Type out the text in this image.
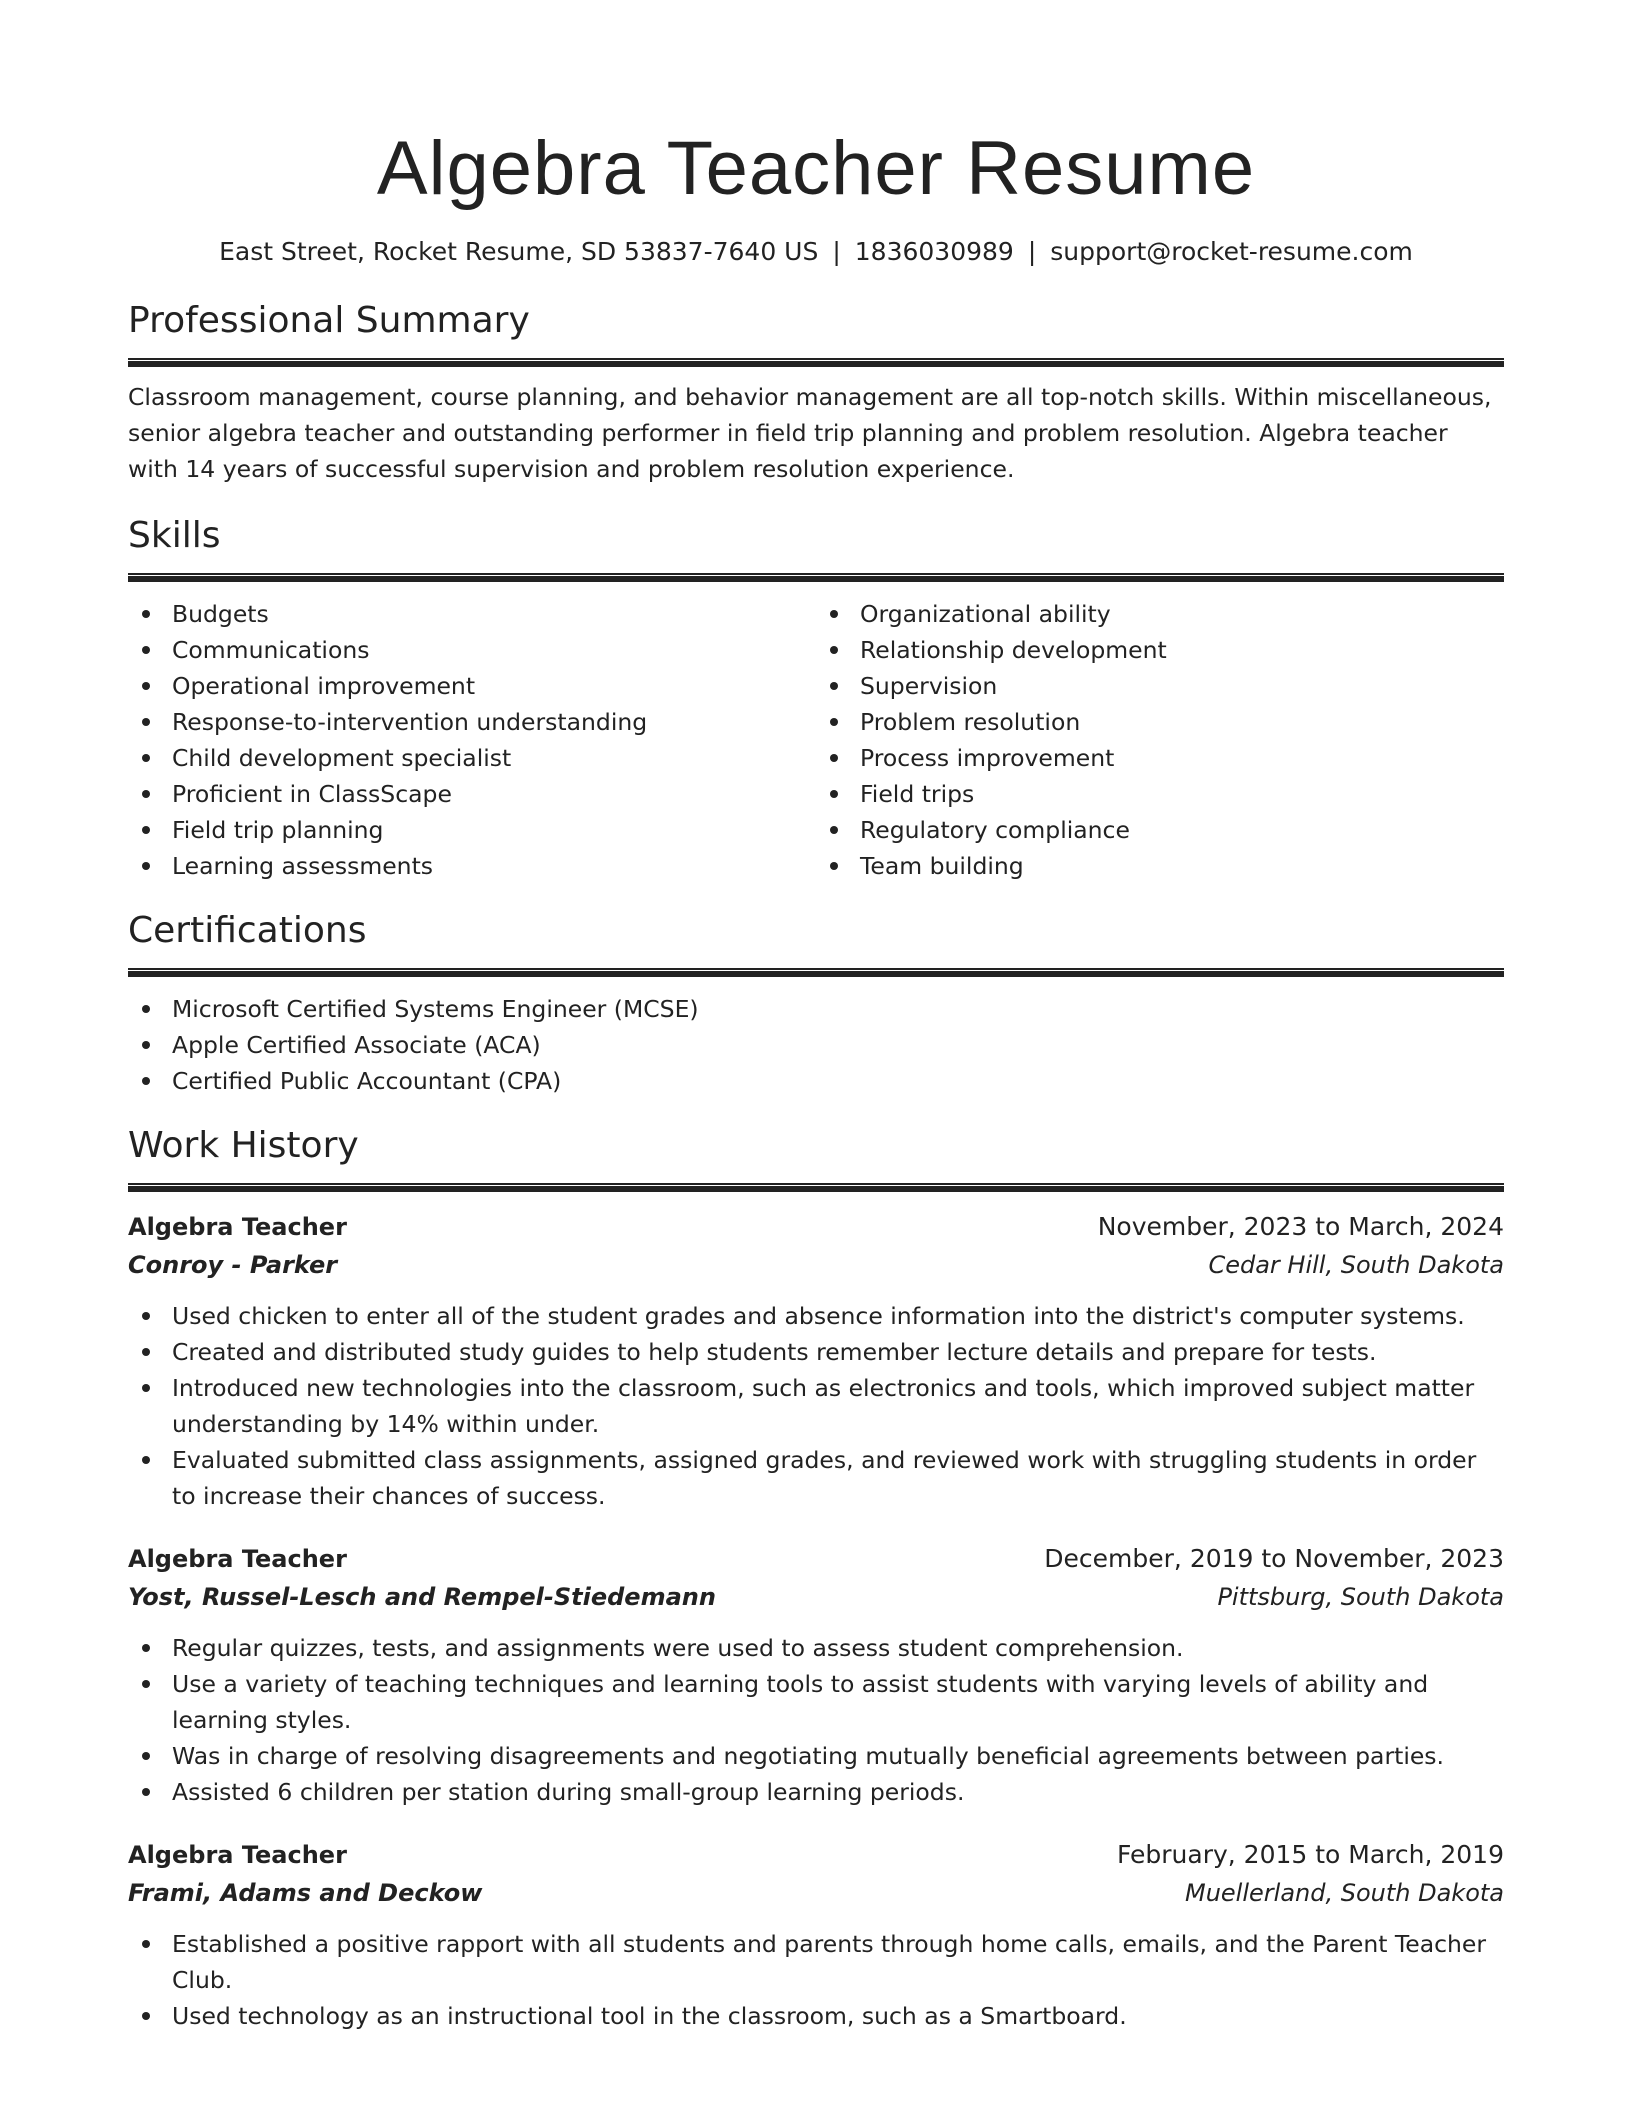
Algebra Teacher Resume
East Street, Rocket Resume, SD 53837-7640 US | 1836030989 | support@rocket-resume.com
Professional Summary

Classroom management, course planning, and behavior management are all top-notch skills. Within miscellaneous, senior algebra teacher and outstanding performer in field trip planning and problem resolution. Algebra teacher with 14 years of successful supervision and problem resolution experience.

Skills
Budgets
Communications
Operational improvement
Response-to-intervention understanding
Child development specialist
Proficient in ClassScape
Field trip planning
Learning assessments
Organizational ability
Relationship development
Supervision
Problem resolution
Process improvement
Field trips
Regulatory compliance
Team building
Certifications
Microsoft Certified Systems Engineer (MCSE)
Apple Certified Associate (ACA)
Certified Public Accountant (CPA)
Work History
Algebra Teacher	November, 2023 to March, 2024
Conroy - Parker	Cedar Hill, South Dakota
Used chicken to enter all of the student grades and absence information into the district's computer systems.
Created and distributed study guides to help students remember lecture details and prepare for tests.
Introduced new technologies into the classroom, such as electronics and tools, which improved subject matter understanding by 14% within under.
Evaluated submitted class assignments, assigned grades, and reviewed work with struggling students in order to increase their chances of success.
Algebra Teacher	December, 2019 to November, 2023
Yost, Russel-Lesch and Rempel-Stiedemann	Pittsburg, South Dakota
Regular quizzes, tests, and assignments were used to assess student comprehension.
Use a variety of teaching techniques and learning tools to assist students with varying levels of ability and learning styles.
Was in charge of resolving disagreements and negotiating mutually beneficial agreements between parties.
Assisted 6 children per station during small-group learning periods.
Algebra Teacher	February, 2015 to March, 2019
Frami, Adams and Deckow	Muellerland, South Dakota
Established a positive rapport with all students and parents through home calls, emails, and the Parent Teacher Club.
Used technology as an instructional tool in the classroom, such as a Smartboard.
